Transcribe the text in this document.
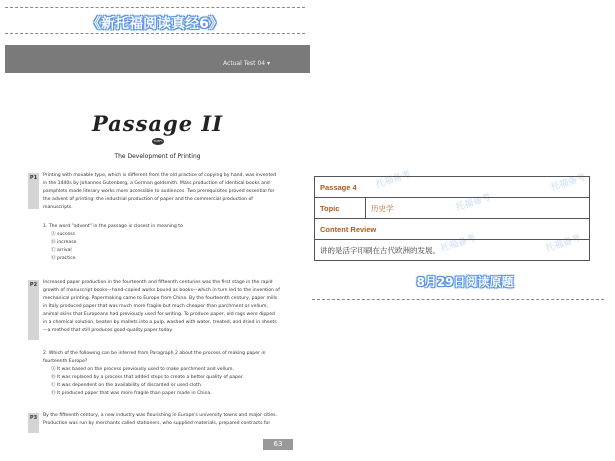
《新托福阅读真经6》
Actual Test 04 ▾
Passage II
TOEFL
The Development of Printing
P1	Printing with movable type, which is different from the old practice of copying by hand, was invented in the 1440s by Johannes Gutenberg, a German goldsmith. Mass production of identical books and pamphlets made literary works more accessible to audiences. Two prerequisites proved essential for the advent of printing: the industrial production of paper and the commercial production of manuscripts.

1. The word "advent" in the passage is closest in meaning to
Ⓐ success
Ⓑ increase
Ⓒ arrival
Ⓓ practice
P2	Increased paper production in the fourteenth and fifteenth centuries was the first stage in the rapid growth of manuscript books—hand-copied works bound as books—which in turn led to the invention of mechanical printing. Papermaking came to Europe from China. By the fourteenth century, paper mills in Italy produced paper that was much more fragile but much cheaper than parchment or vellum, animal skins that Europeans had previously used for writing. To produce paper, old rags were dipped in a chemical solution, beaten by mallets into a pulp, washed with water, treated, and dried in sheets—a method that still produces good-quality paper today.

2. Which of the following can be inferred from Paragraph 2 about the process of making paper in fourteenth Europe?
Ⓐ It was based on the process previously used to make parchment and vellum.
Ⓑ It was replaced by a process that added steps to create a better quality of paper.
Ⓒ It was dependent on the availability of discarded or used cloth.
Ⓓ It produced paper that was more fragile than paper made in China.
P3	By the fifteenth century, a new industry was flourishing in Europe's university towns and major cities. Production was run by merchants called stationers, who supplied materials, prepared contracts for

63
托福备考
托福备考
托福备考
托福备考	托福备考
Passage 4
Topic	历史学
Content Review
讲的是活字印刷在古代欧洲的发展。
8月29日阅读原题
